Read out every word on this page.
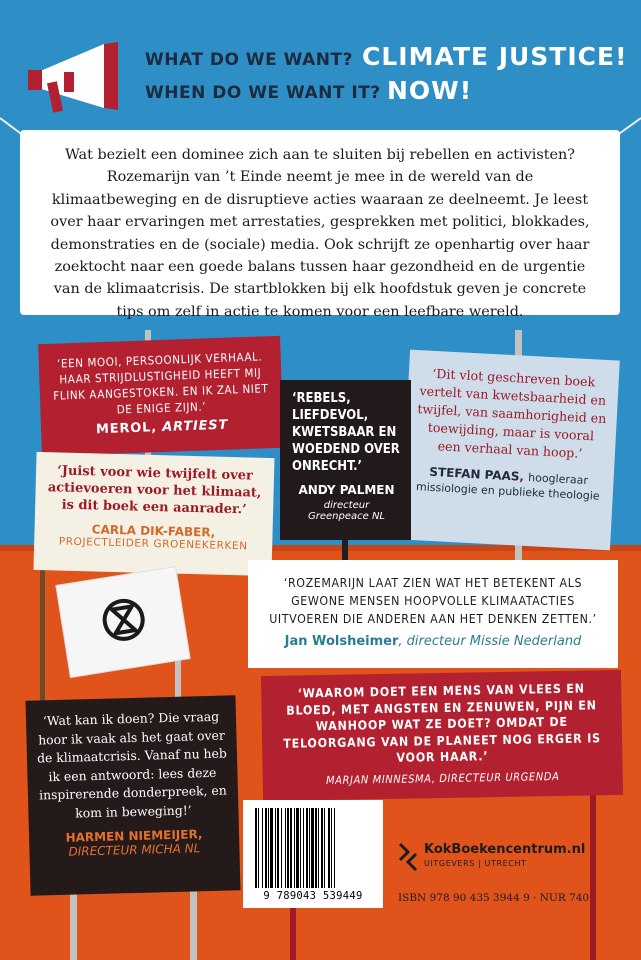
WHAT DO WE WANT? CLIMATE JUSTICE!
WHEN DO WE WANT IT? NOW!

Wat bezielt een dominee zich aan te sluiten bij rebellen en activisten? Rozemarijn van ’t Einde neemt je mee in de wereld van de klimaatbeweging en de disruptieve acties waaraan ze deelneemt. Je leest over haar ervaringen met arrestaties, gesprekken met politici, blokkades, demonstraties en de (sociale) media. Ook schrijft ze openhartig over haar zoektocht naar een goede balans tussen haar gezondheid en de urgentie van de klimaatcrisis. De startblokken bij elk hoofdstuk geven je concrete tips om zelf in actie te komen voor een leefbare wereld.

‘EEN MOOI, PERSOONLIJK VERHAAL. HAAR STRIJDLUSTIGHEID HEEFT MIJ FLINK AANGESTOKEN. EN IK ZAL NIET DE ENIGE ZIJN.’
MEROL, ARTIEST
‘Dit vlot geschreven boek vertelt van kwetsbaarheid en twijfel, van saamhorigheid en toewijding, maar is vooral een verhaal van hoop.’
STEFAN PAAS, hoogleraar missiologie en publieke theologie
‘REBELS, LIEFDEVOL, KWETSBAAR EN WOEDEND OVER ONRECHT.’
ANDY PALMEN
directeur Greenpeace NL
‘Juist voor wie twijfelt over actievoeren voor het klimaat, is dit boek een aanrader.’
CARLA DIK-FABER,
PROJECTLEIDER GROENEKERKEN
‘ROZEMARIJN LAAT ZIEN WAT HET BETEKENT ALS GEWONE MENSEN HOOPVOLLE KLIMAATACTIES UITVOEREN DIE ANDEREN AAN HET DENKEN ZETTEN.’
Jan Wolsheimer, directeur Missie Nederland
‘WAAROM DOET EEN MENS VAN VLEES EN BLOED, MET ANGSTEN EN ZENUWEN, PIJN EN WANHOOP WAT ZE DOET? OMDAT DE TELOORGANG VAN DE PLANEET NOG ERGER IS VOOR HAAR.’
MARJAN MINNESMA, DIRECTEUR URGENDA
‘Wat kan ik doen? Die vraag hoor ik vaak als het gaat over de klimaatcrisis. Vanaf nu heb ik een antwoord: lees deze inspirerende donderpreek, en kom in beweging!’
HARMEN NIEMEIJER,
DIRECTEUR MICHA NL
9 789043 539449
KokBoekencentrum.nl
UITGEVERS | UTRECHT
ISBN 978 90 435 3944 9 · NUR 740
